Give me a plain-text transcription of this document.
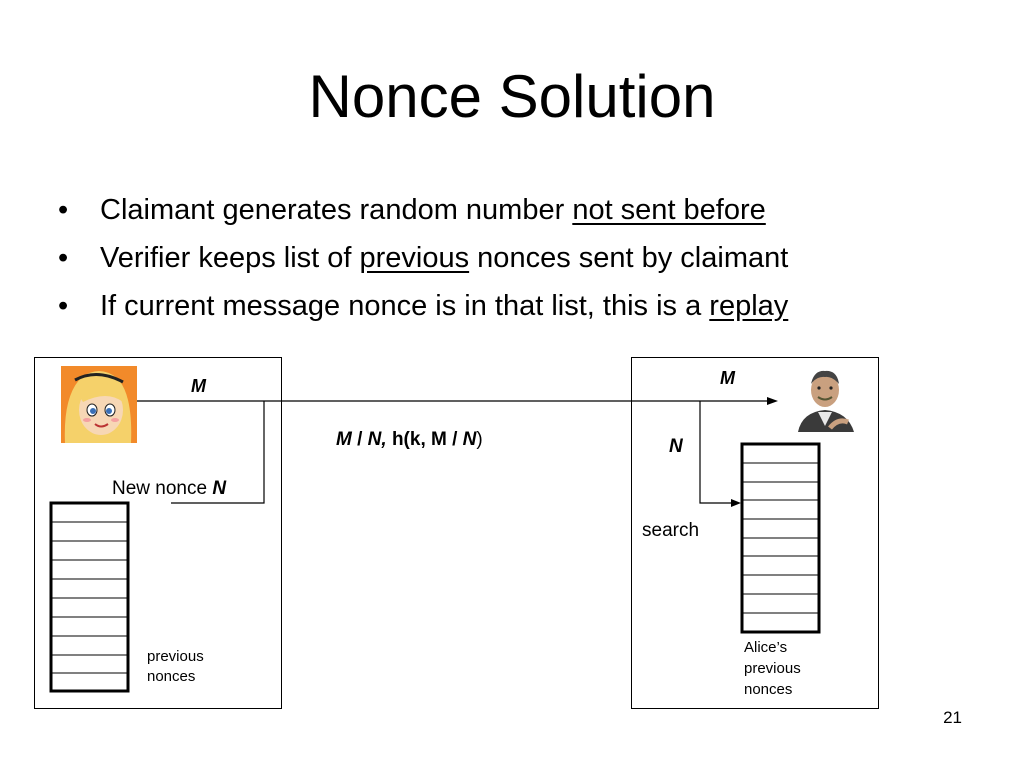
Nonce Solution
• Claimant generates random number not sent before
• Verifier keeps list of previous nonces sent by claimant
• If current message nonce is in that list, this is a replay
M	M
M / N, h(k, M / N)
New nonce N
N
search
previous
nonces
Alice’s
previous
nonces
21
